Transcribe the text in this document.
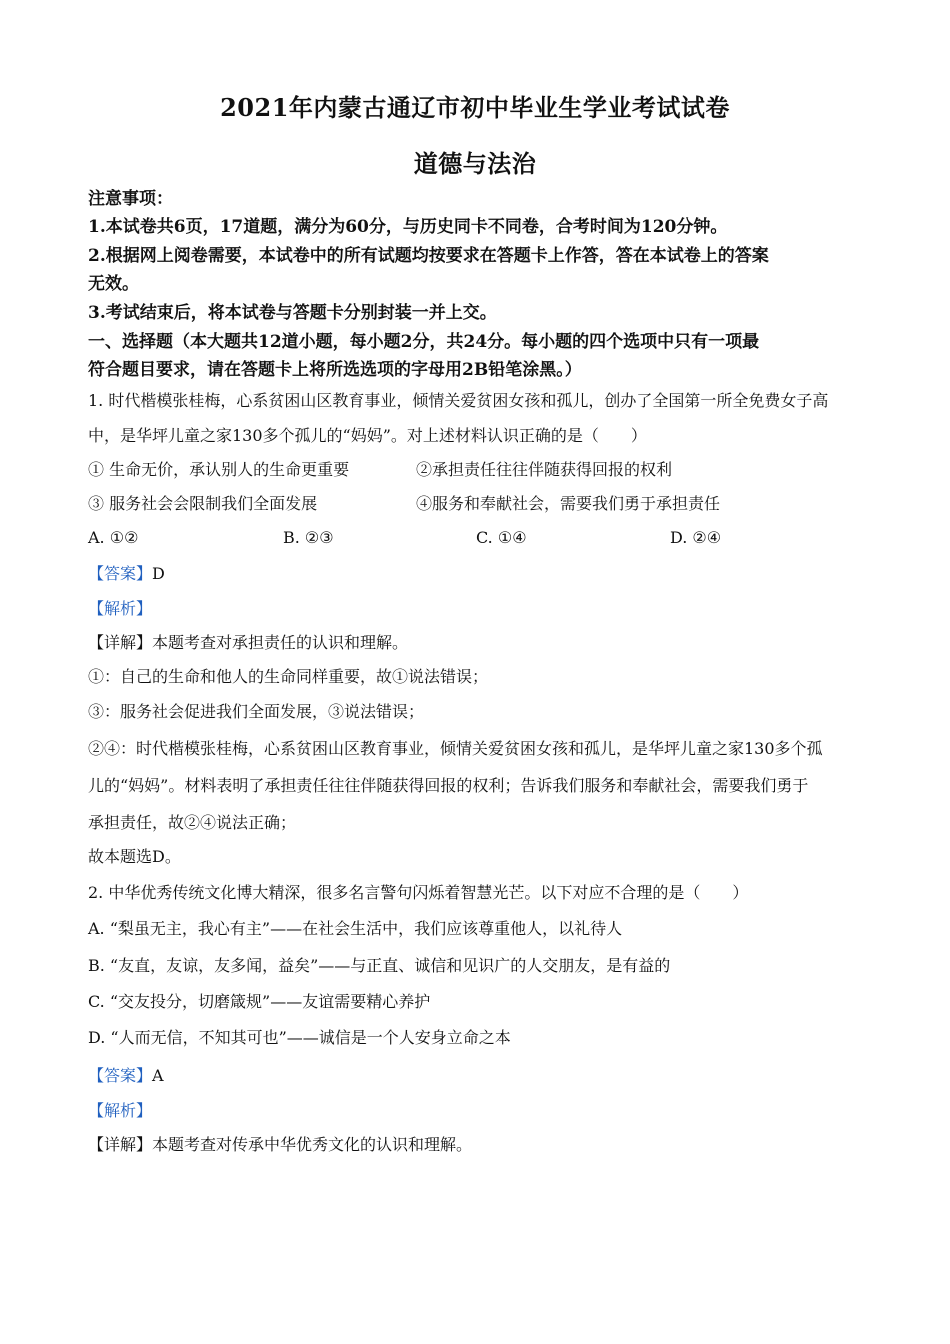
2021年内蒙古通辽市初中毕业生学业考试试卷
道德与法治
注意事项：
1.本试卷共6页，17道题，满分为60分，与历史同卡不同卷，合考时间为120分钟。
2.根据网上阅卷需要，本试卷中的所有试题均按要求在答题卡上作答，答在本试卷上的答案
无效。
3.考试结束后，将本试卷与答题卡分别封装一并上交。
一、选择题（本大题共12道小题，每小题2分，共24分。每小题的四个选项中只有一项最
符合题目要求，请在答题卡上将所选选项的字母用2B铅笔涂黑。）
1. 时代楷模张桂梅，心系贫困山区教育事业，倾情关爱贫困女孩和孤儿，创办了全国第一所全免费女子高
中，是华坪儿童之家130多个孤儿的“妈妈”。对上述材料认识正确的是（　　）
① 生命无价，承认别人的生命更重要	②承担责任往往伴随获得回报的权利
③ 服务社会会限制我们全面发展	④服务和奉献社会，需要我们勇于承担责任
A. ①②	B. ②③	C. ①④	D. ②④
【答案】D
【解析】
【详解】本题考查对承担责任的认识和理解。
①：自己的生命和他人的生命同样重要，故①说法错误；
③：服务社会促进我们全面发展，③说法错误；
②④：时代楷模张桂梅，心系贫困山区教育事业，倾情关爱贫困女孩和孤儿，是华坪儿童之家130多个孤
儿的“妈妈”。材料表明了承担责任往往伴随获得回报的权利；告诉我们服务和奉献社会，需要我们勇于
承担责任，故②④说法正确；
故本题选D。
2. 中华优秀传统文化博大精深，很多名言警句闪烁着智慧光芒。以下对应不合理的是（　　）
A. “梨虽无主，我心有主”——在社会生活中，我们应该尊重他人，以礼待人
B. “友直，友谅，友多闻，益矣”——与正直、诚信和见识广的人交朋友，是有益的
C. “交友投分，切磨箴规”——友谊需要精心养护
D. “人而无信，不知其可也”——诚信是一个人安身立命之本
【答案】A
【解析】
【详解】本题考查对传承中华优秀文化的认识和理解。
